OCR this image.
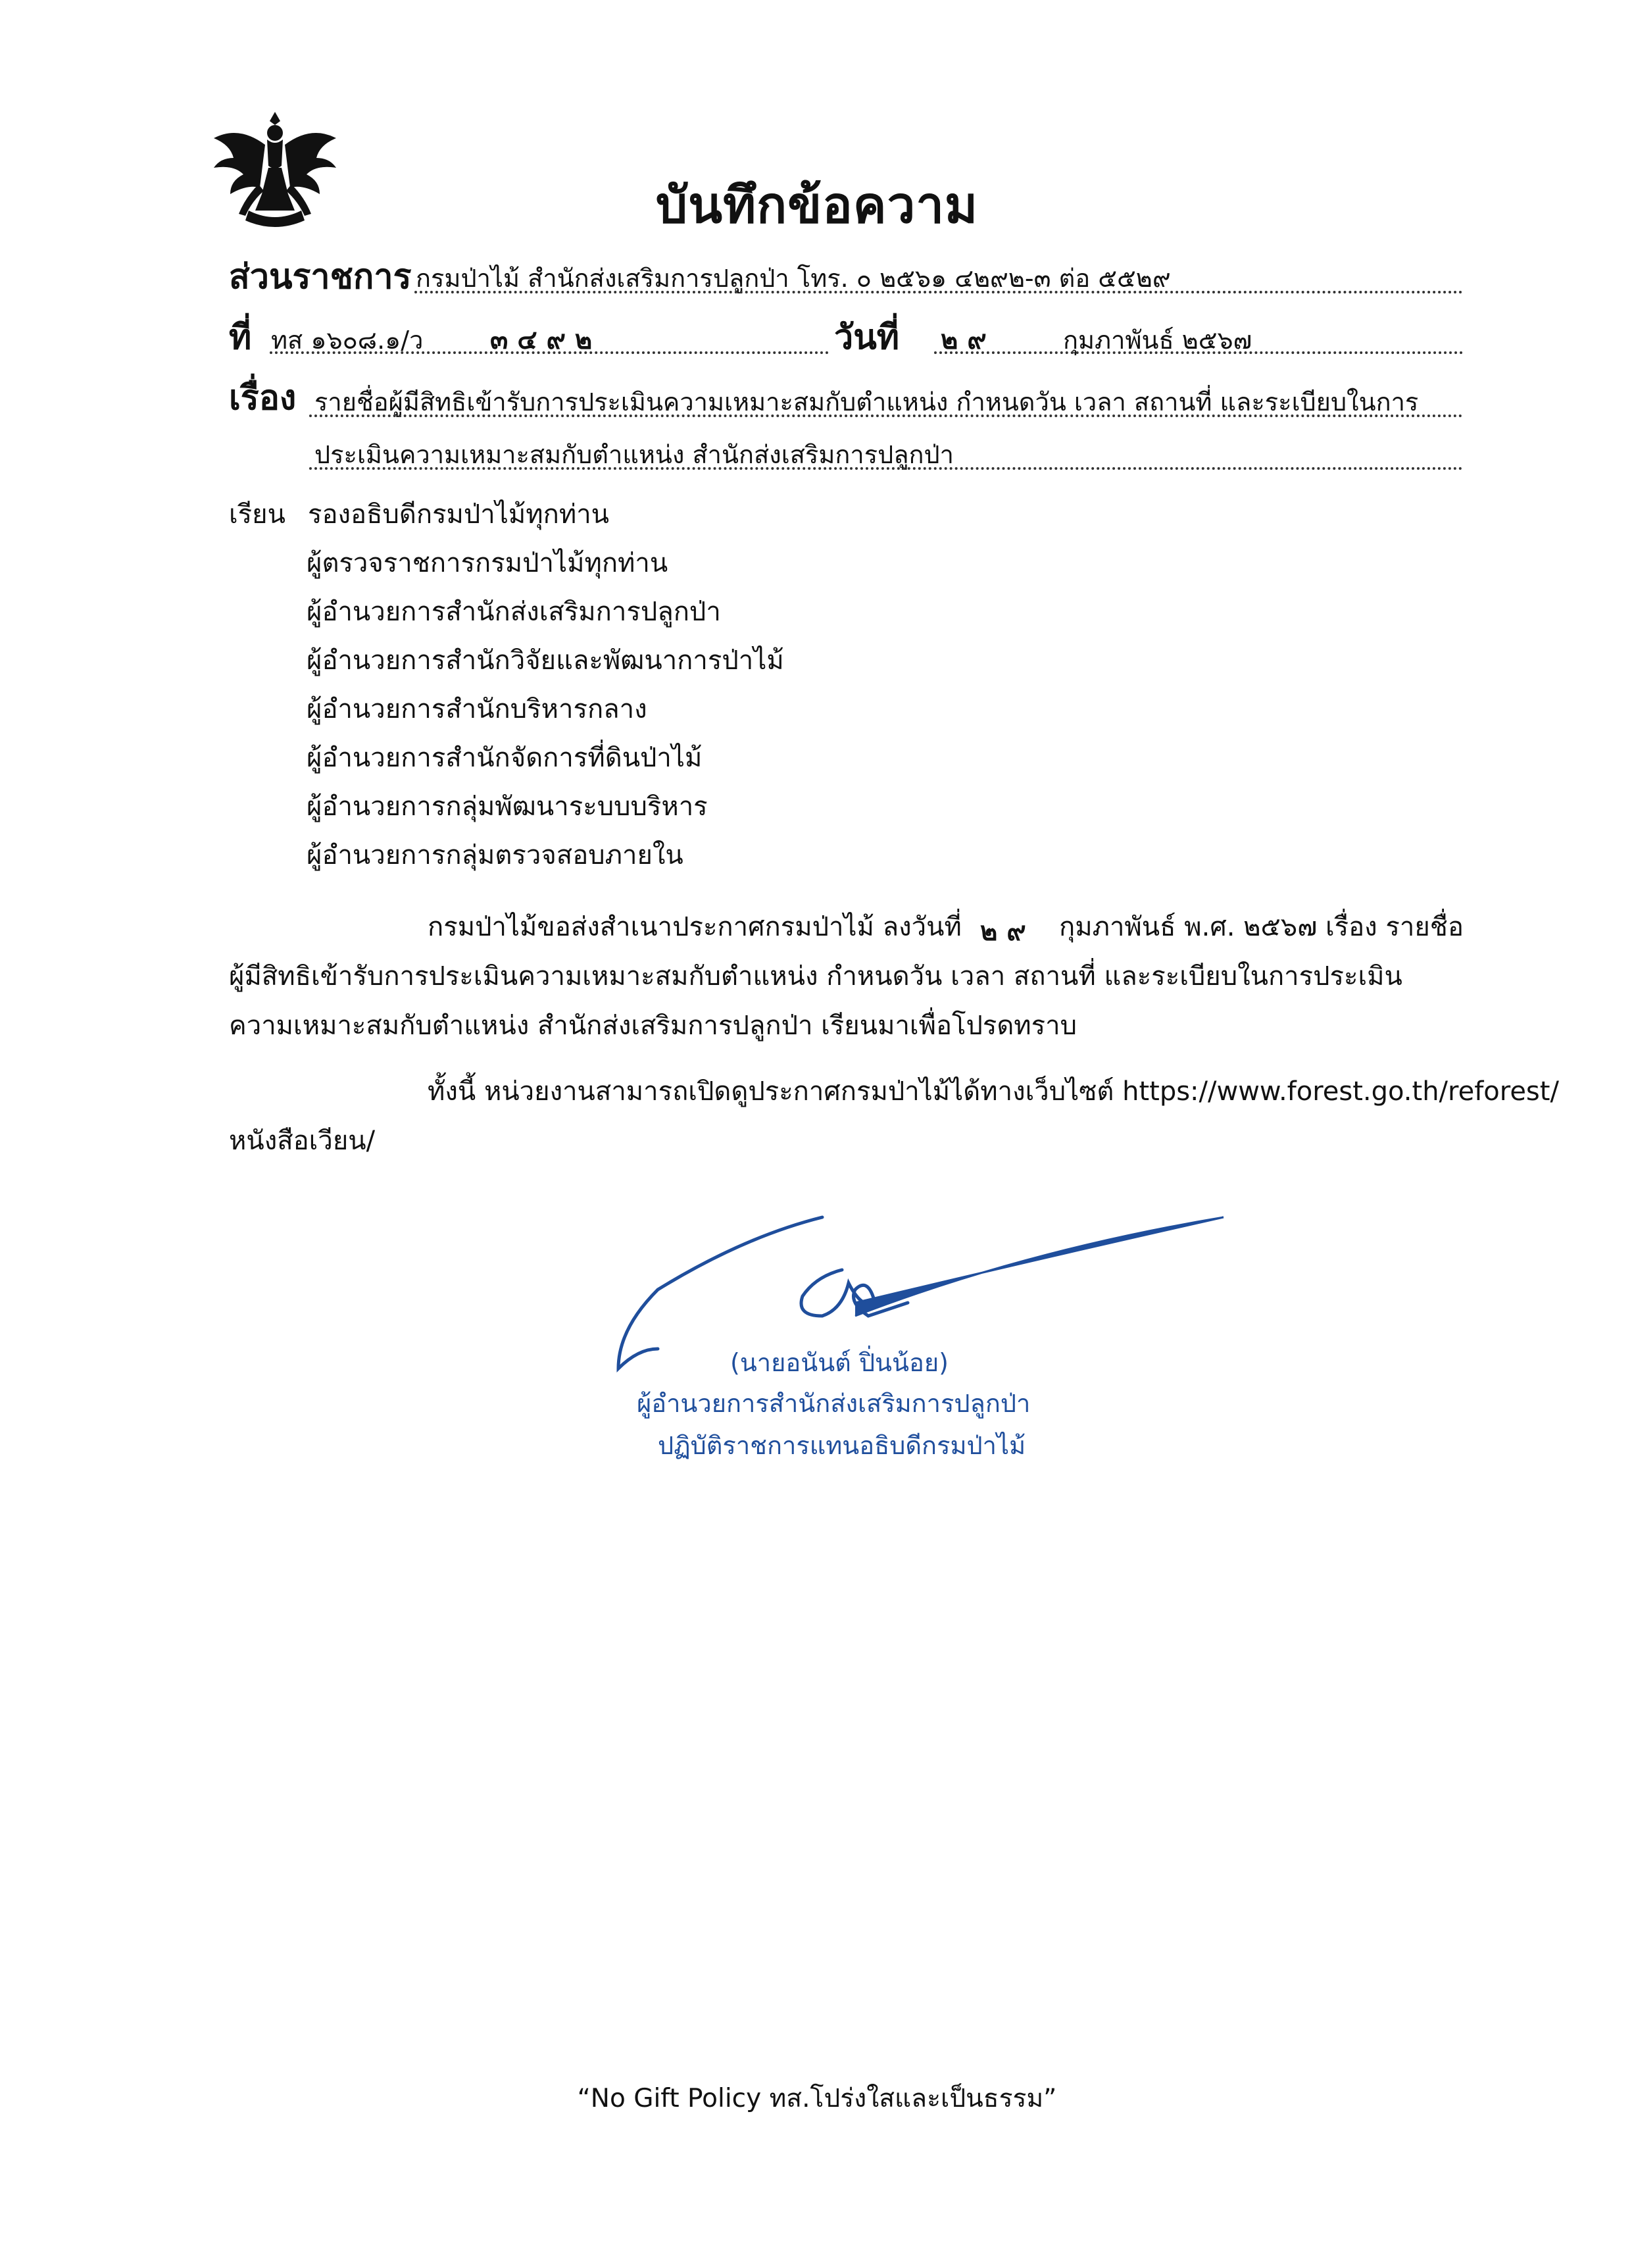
บันทึกข้อความ
ส่วนราชการ กรมป่าไม้ สำนักส่งเสริมการปลูกป่า โทร. ๐ ๒๕๖๑ ๔๒๙๒-๓ ต่อ ๕๕๒๙
ที่ ทส ๑๖๐๘.๑/ว	๓๔๙๒	วันที่ ๒๙	กุมภาพันธ์ ๒๕๖๗
เรื่อง รายชื่อผู้มีสิทธิเข้ารับการประเมินความเหมาะสมกับตำแหน่ง กำหนดวัน เวลา สถานที่ และระเบียบในการ
ประเมินความเหมาะสมกับตำแหน่ง สำนักส่งเสริมการปลูกป่า
เรียน รองอธิบดีกรมป่าไม้ทุกท่าน
ผู้ตรวจราชการกรมป่าไม้ทุกท่าน
ผู้อำนวยการสำนักส่งเสริมการปลูกป่า
ผู้อำนวยการสำนักวิจัยและพัฒนาการป่าไม้
ผู้อำนวยการสำนักบริหารกลาง
ผู้อำนวยการสำนักจัดการที่ดินป่าไม้
ผู้อำนวยการกลุ่มพัฒนาระบบบริหาร
ผู้อำนวยการกลุ่มตรวจสอบภายใน
กรมป่าไม้ขอส่งสำเนาประกาศกรมป่าไม้ ลงวันที่ ๒๙ กุมภาพันธ์ พ.ศ. ๒๕๖๗ เรื่อง รายชื่อ
ผู้มีสิทธิเข้ารับการประเมินความเหมาะสมกับตำแหน่ง กำหนดวัน เวลา สถานที่ และระเบียบในการประเมิน
ความเหมาะสมกับตำแหน่ง สำนักส่งเสริมการปลูกป่า เรียนมาเพื่อโปรดทราบ
ทั้งนี้ หน่วยงานสามารถเปิดดูประกาศกรมป่าไม้ได้ทางเว็บไซต์ https://www.forest.go.th/reforest/
หนังสือเวียน/
(นายอนันต์ ปิ่นน้อย)
ผู้อำนวยการสำนักส่งเสริมการปลูกป่า
ปฏิบัติราชการแทนอธิบดีกรมป่าไม้
“No Gift Policy ทส.โปร่งใสและเป็นธรรม”
